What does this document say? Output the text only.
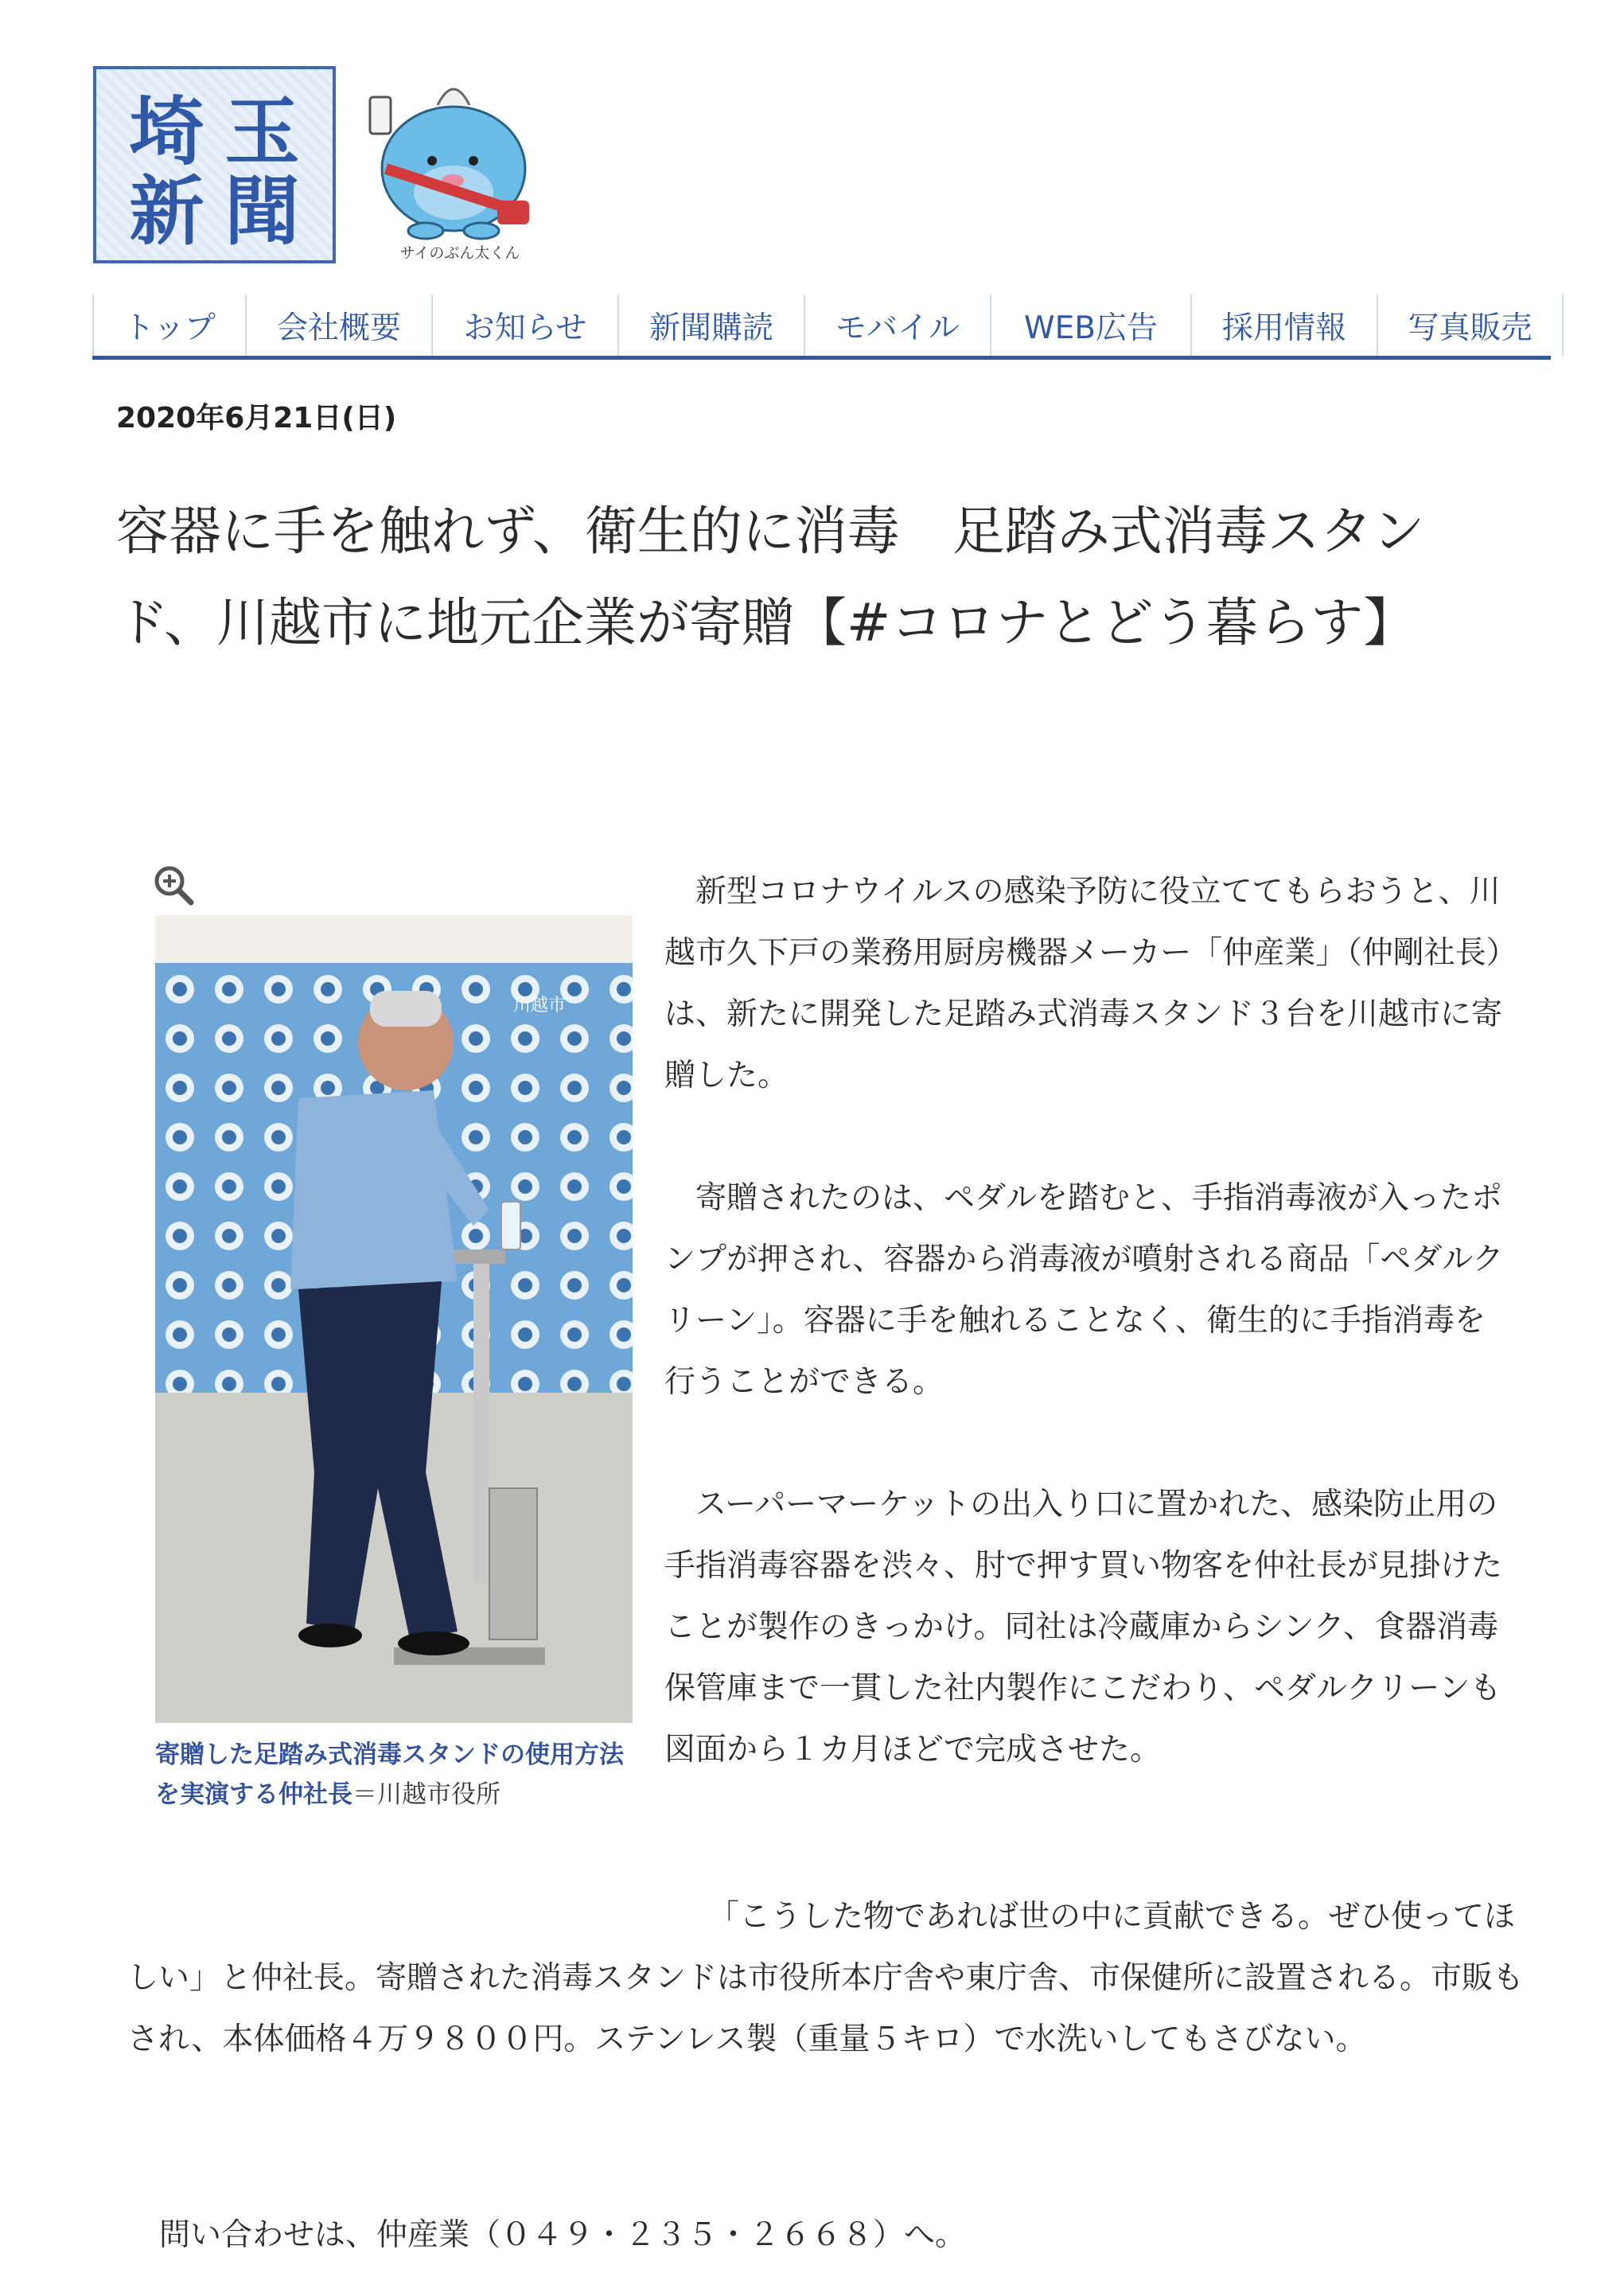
埼 玉
新 聞	サイのぶん太くん
トップ	会社概要	お知らせ	新聞購読	モバイル	WEB広告	採用情報	写真販売
2020年6月21日(日)
容器に手を触れず、衛生的に消毒　足踏み式消毒スタンド、川越市に地元企業が寄贈【#コロナとどう暮らす】
川越市
寄贈した足踏み式消毒スタンドの使用方法を実演する仲社長＝川越市役所

新型コロナウイルスの感染予防に役立ててもらおうと、川越市久下戸の業務用厨房機器メーカー「仲産業」（仲剛社長）は、新たに開発した足踏み式消毒スタンド３台を川越市に寄贈した。

寄贈されたのは、ペダルを踏むと、手指消毒液が入ったポンプが押され、容器から消毒液が噴射される商品「ペダルクリーン」。容器に手を触れることなく、衛生的に手指消毒を行うことができる。

スーパーマーケットの出入り口に置かれた、感染防止用の手指消毒容器を渋々、肘で押す買い物客を仲社長が見掛けたことが製作のきっかけ。同社は冷蔵庫からシンク、食器消毒保管庫まで一貫した社内製作にこだわり、ペダルクリーンも図面から１カ月ほどで完成させた。

「こうした物であれば世の中に貢献できる。ぜひ使ってほしい」と仲社長。寄贈された消毒スタンドは市役所本庁舎や東庁舎、市保健所に設置される。市販もされ、本体価格４万９８００円。ステンレス製（重量５キロ）で水洗いしてもさびない。

問い合わせは、仲産業（０４９・２３５・２６６８）へ。
